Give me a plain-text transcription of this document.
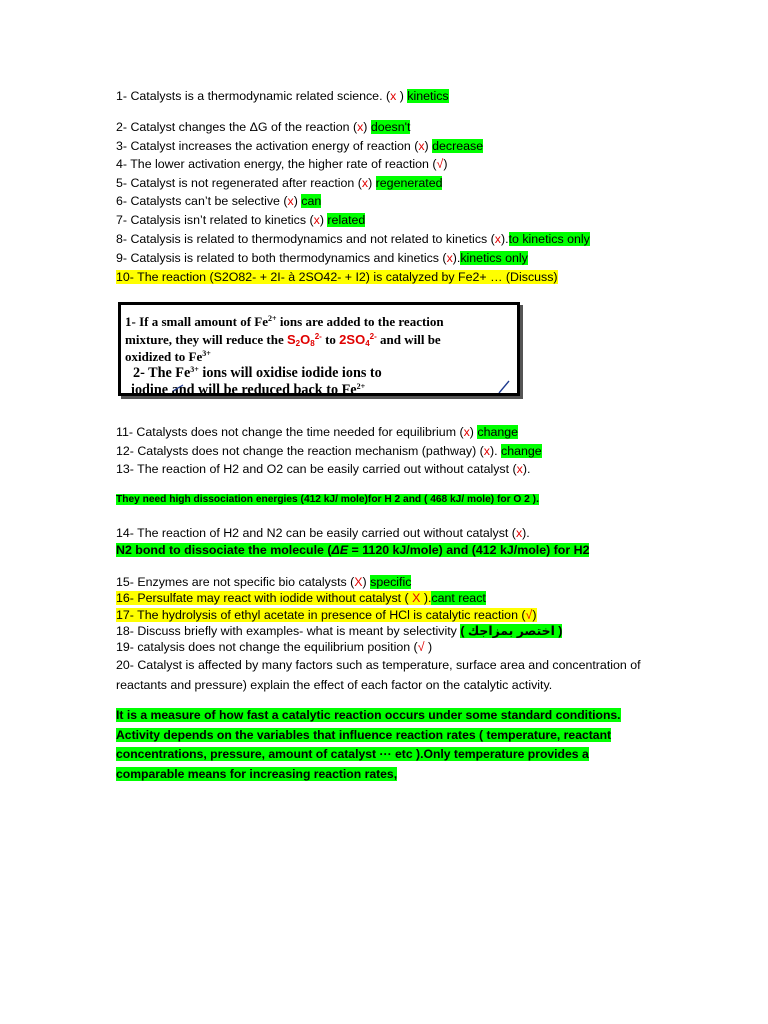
1- Catalysts is a thermodynamic related science. (x ) kinetics
2- Catalyst changes the ΔG of the reaction (x) doesn't
3- Catalyst increases the activation energy of reaction (x) decrease
4- The lower activation energy, the higher rate of reaction (√)
5- Catalyst is not regenerated after reaction (x) regenerated
6- Catalysts can’t be selective (x) can
7- Catalysis isn’t related to kinetics (x) related
8- Catalysis is related to thermodynamics and not related to kinetics (x).to kinetics only
9- Catalysis is related to both thermodynamics and kinetics (x).kinetics only
10- The reaction (S2O82- + 2I- à 2SO42- + I2) is catalyzed by Fe2+ … (Discuss)
1- If a small amount of $Fe^{2+}$ ions are added to the reaction
mixture, they will reduce the $S_2O_8^{2-}$ to $2SO_4^{2-}$ and will be
oxidized to $Fe^{3+}$
2- The $Fe^{3+}$ ions will oxidise iodide ions to
iodine and will be reduced back to $Fe^{2+}$
11- Catalysts does not change the time needed for equilibrium (x) change
12- Catalysts does not change the reaction mechanism (pathway) (x). change
13- The reaction of H2 and O2 can be easily carried out without catalyst (x).
They need high dissociation energies (412 kJ/ mole)for H 2 and ( 468 kJ/ mole) for O 2 ).
14- The reaction of H2 and N2 can be easily carried out without catalyst (x).
N2 bond to dissociate the molecule (ΔE = 1120 kJ/mole) and (412 kJ/mole) for H2
15- Enzymes are not specific bio catalysts (X) specific
16- Persulfate may react with iodide without catalyst ( X ).cant react
17- The hydrolysis of ethyl acetate in presence of HCl is catalytic reaction (√)
18- Discuss briefly with examples- what is meant by selectivity ( اختصر بمزاجك )
19- catalysis does not change the equilibrium position (√ )
20- Catalyst is affected by many factors such as temperature, surface area and concentration of reactants and pressure) explain the effect of each factor on the catalytic activity.
It is a measure of how fast a catalytic reaction occurs under some standard conditions. Activity depends on the variables that influence reaction rates ( temperature, reactant concentrations, pressure, amount of catalyst ··· etc ).Only temperature provides a comparable means for increasing reaction rates,
